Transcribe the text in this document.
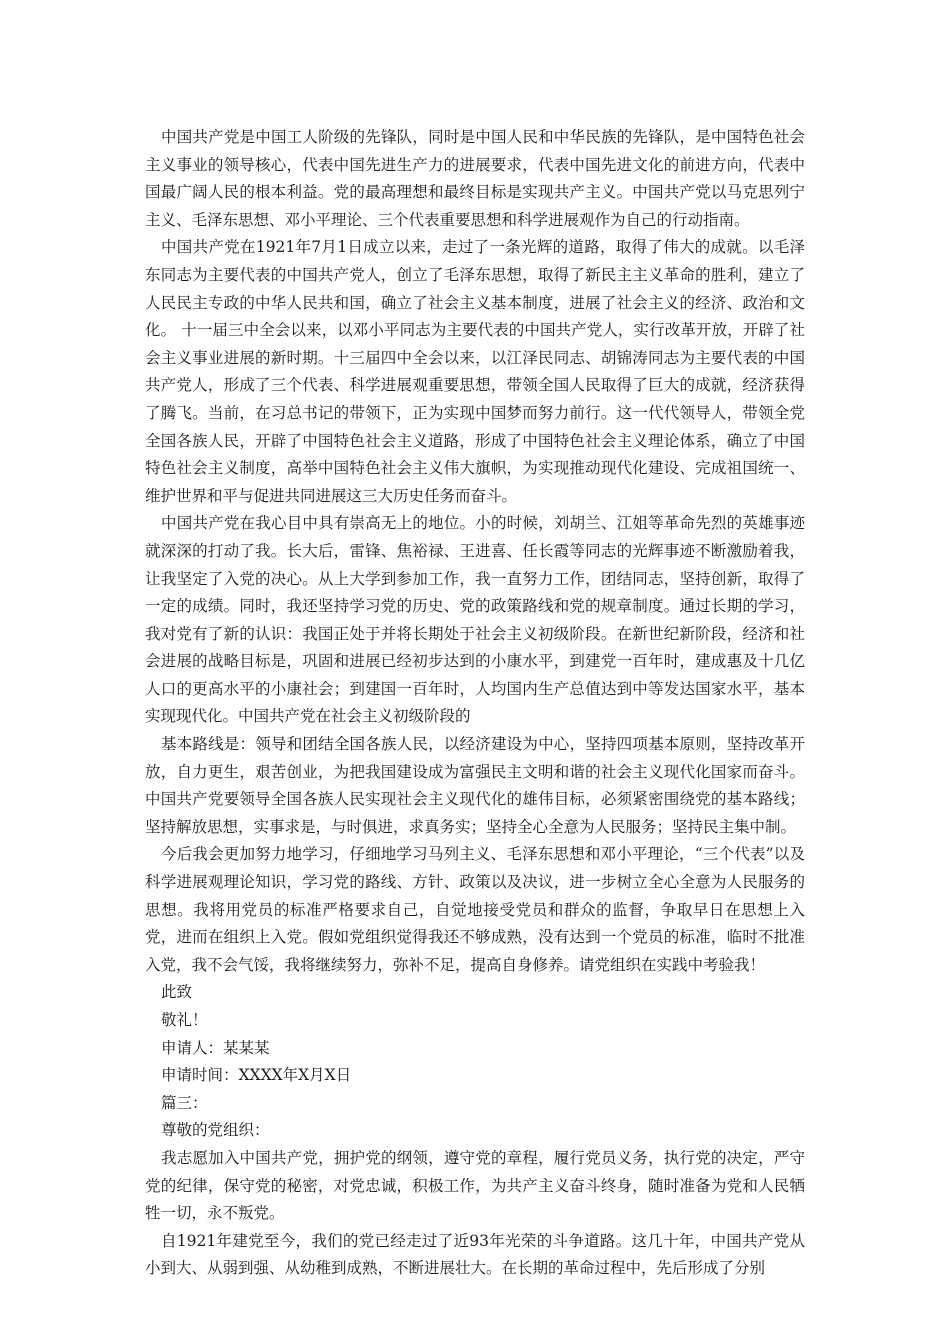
中国共产党是中国工人阶级的先锋队，同时是中国人民和中华民族的先锋队，是中国特色社会主义事业的领导核心，代表中国先进生产力的进展要求，代表中国先进文化的前进方向，代表中国最广阔人民的根本利益。党的最高理想和最终目标是实现共产主义。中国共产党以马克思列宁主义、毛泽东思想、邓小平理论、三个代表重要思想和科学进展观作为自己的行动指南。

中国共产党在1921年7月1日成立以来，走过了一条光辉的道路，取得了伟大的成就。以毛泽东同志为主要代表的中国共产党人，创立了毛泽东思想，取得了新民主主义革命的胜利，建立了人民民主专政的中华人民共和国，确立了社会主义基本制度，进展了社会主义的经济、政治和文化。 十一届三中全会以来，以邓小平同志为主要代表的中国共产党人，实行改革开放，开辟了社会主义事业进展的新时期。十三届四中全会以来，以江泽民同志、胡锦涛同志为主要代表的中国共产党人，形成了三个代表、科学进展观重要思想，带领全国人民取得了巨大的成就，经济获得了腾飞。当前，在习总书记的带领下，正为实现中国梦而努力前行。这一代代领导人，带领全党全国各族人民，开辟了中国特色社会主义道路，形成了中国特色社会主义理论体系，确立了中国特色社会主义制度，高举中国特色社会主义伟大旗帜，为实现推动现代化建设、完成祖国统一、维护世界和平与促进共同进展这三大历史任务而奋斗。

中国共产党在我心目中具有崇高无上的地位。小的时候，刘胡兰、江姐等革命先烈的英雄事迹就深深的打动了我。长大后，雷锋、焦裕禄、王进喜、任长霞等同志的光辉事迹不断激励着我，让我坚定了入党的决心。从上大学到参加工作，我一直努力工作，团结同志，坚持创新，取得了一定的成绩。同时，我还坚持学习党的历史、党的政策路线和党的规章制度。通过长期的学习，我对党有了新的认识：我国正处于并将长期处于社会主义初级阶段。在新世纪新阶段，经济和社会进展的战略目标是，巩固和进展已经初步达到的小康水平，到建党一百年时，建成惠及十几亿人口的更高水平的小康社会；到建国一百年时，人均国内生产总值达到中等发达国家水平，基本实现现代化。中国共产党在社会主义初级阶段的

基本路线是：领导和团结全国各族人民，以经济建设为中心，坚持四项基本原则，坚持改革开放，自力更生，艰苦创业，为把我国建设成为富强民主文明和谐的社会主义现代化国家而奋斗。中国共产党要领导全国各族人民实现社会主义现代化的雄伟目标，必须紧密围绕党的基本路线；坚持解放思想，实事求是，与时俱进，求真务实；坚持全心全意为人民服务；坚持民主集中制。

今后我会更加努力地学习，仔细地学习马列主义、毛泽东思想和邓小平理论，“三个代表”以及科学进展观理论知识，学习党的路线、方针、政策以及决议，进一步树立全心全意为人民服务的思想。我将用党员的标准严格要求自己，自觉地接受党员和群众的监督，争取早日在思想上入党，进而在组织上入党。假如党组织觉得我还不够成熟，没有达到一个党员的标准，临时不批准入党，我不会气馁，我将继续努力，弥补不足，提高自身修养。请党组织在实践中考验我！

此致

敬礼！

申请人：某某某

申请时间：XXXX年X月X日

篇三：

尊敬的党组织：

我志愿加入中国共产党，拥护党的纲领，遵守党的章程，履行党员义务，执行党的决定，严守党的纪律，保守党的秘密，对党忠诚，积极工作，为共产主义奋斗终身，随时准备为党和人民牺牲一切，永不叛党。

自1921年建党至今，我们的党已经走过了近93年光荣的斗争道路。这几十年，中国共产党从小到大、从弱到强、从幼稚到成熟，不断进展壮大。在长期的革命过程中，先后形成了分别
